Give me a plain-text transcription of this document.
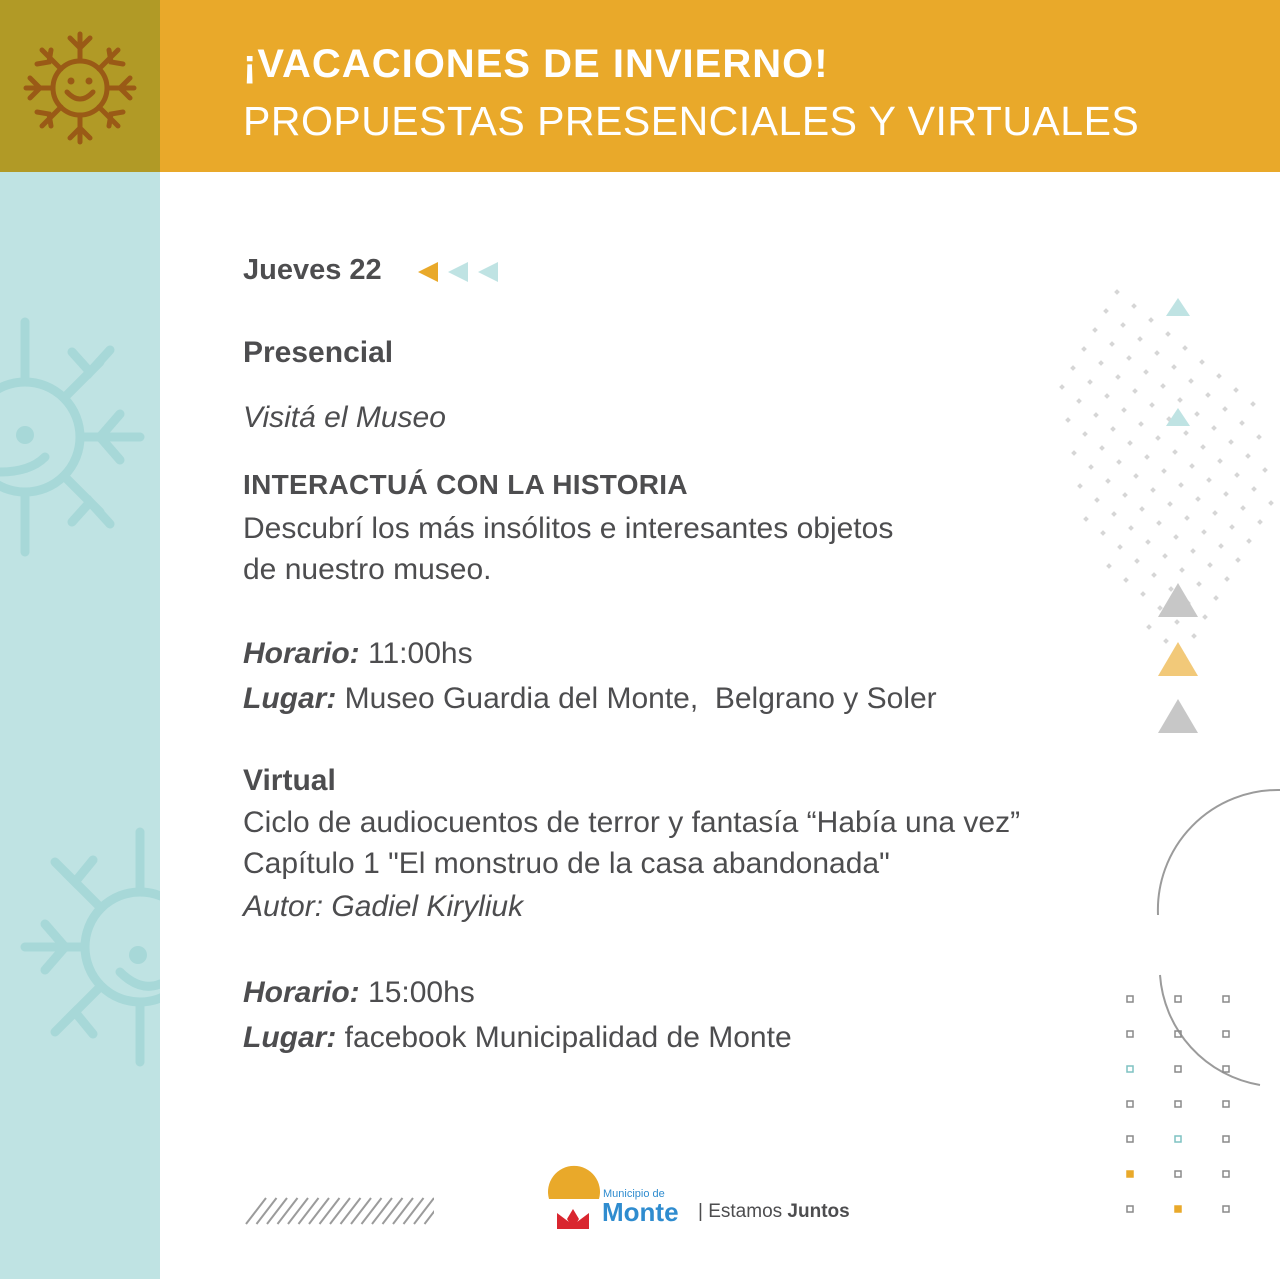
¡VACACIONES DE INVIERNO!
PROPUESTAS PRESENCIALES Y VIRTUALES
Jueves 22
Presencial
Visitá el Museo
INTERACTUÁ CON LA HISTORIA
Descubrí los más insólitos e interesantes objetos
de nuestro museo.
Horario: 11:00hs
Lugar: Museo Guardia del Monte,  Belgrano y Soler
Virtual
Ciclo de audiocuentos de terror y fantasía “Había una vez”
Capítulo 1 "El monstruo de la casa abandonada"
Autor: Gadiel Kiryliuk
Horario: 15:00hs
Lugar: facebook Municipalidad de Monte
Municipio de
Monte | Estamos Juntos
